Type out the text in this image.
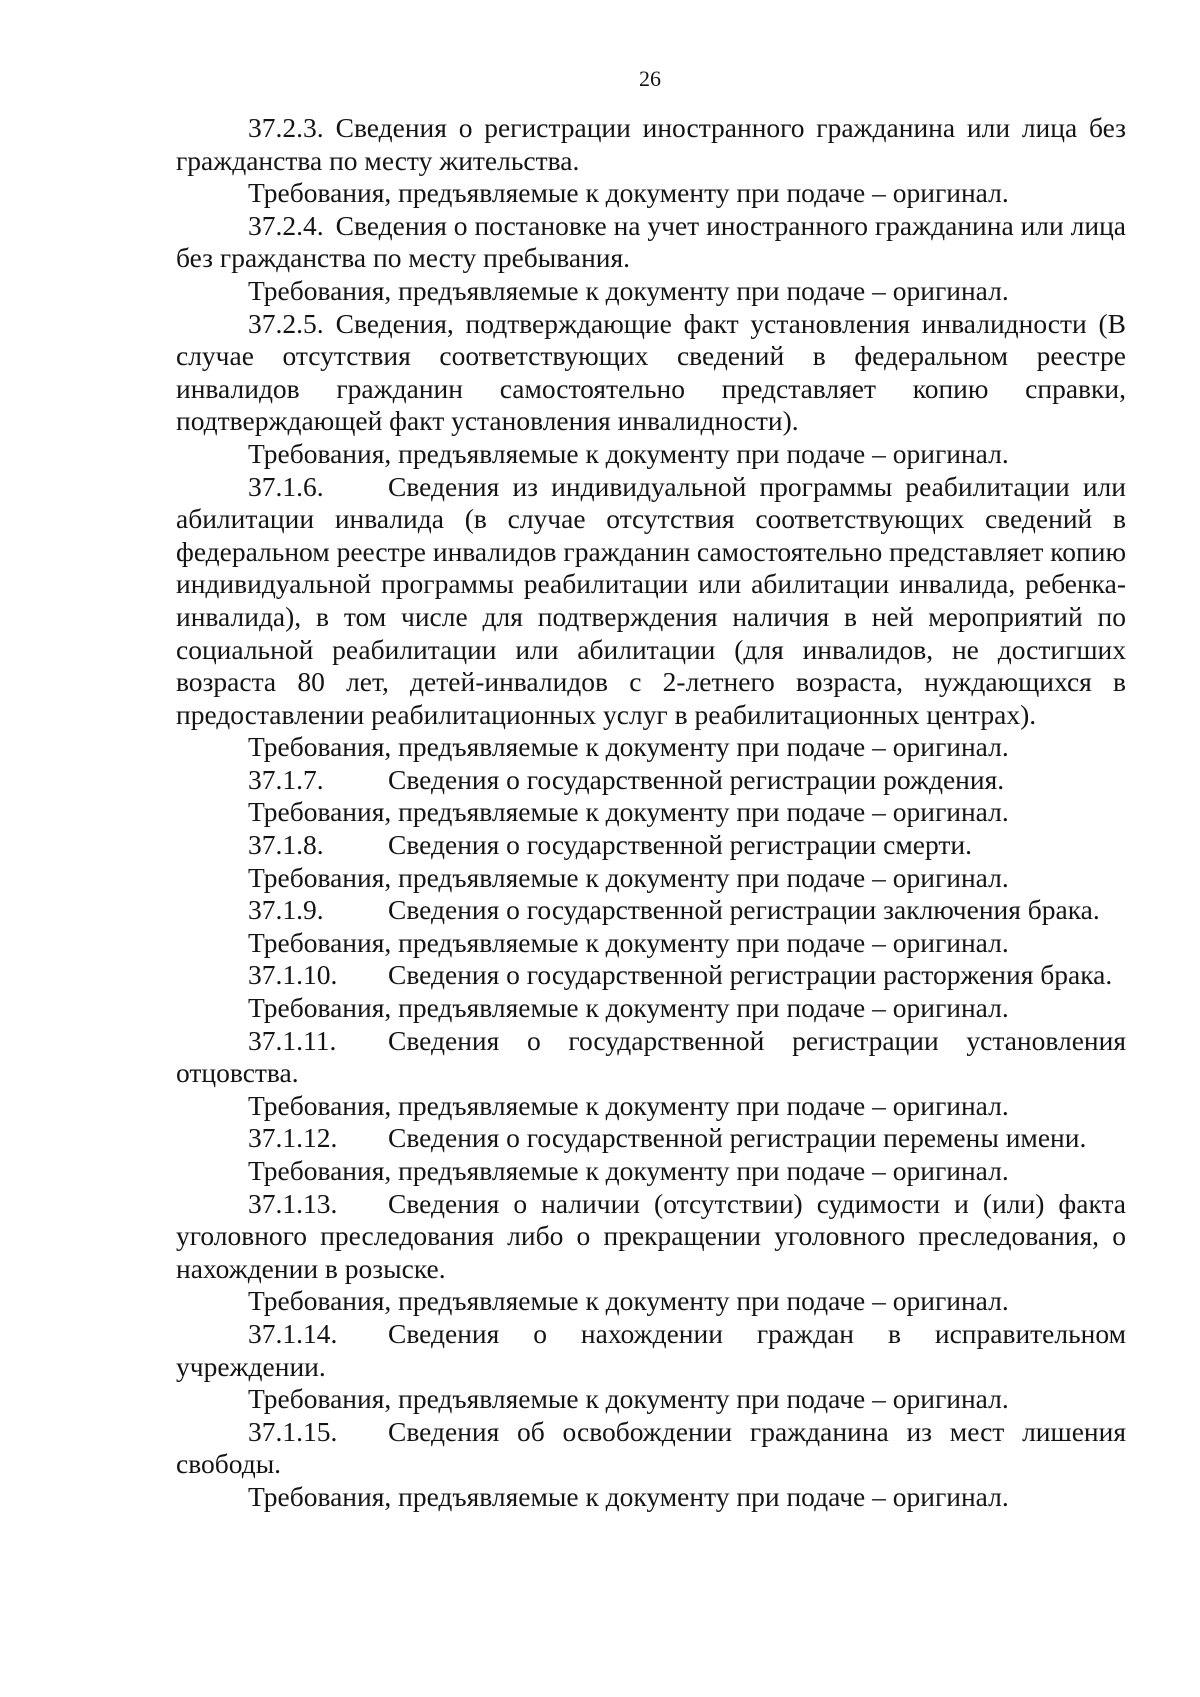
26

37.2.3. Сведения о регистрации иностранного гражданина или лица без гражданства по месту жительства.

Требования, предъявляемые к документу при подаче – оригинал.

37.2.4. Сведения о постановке на учет иностранного гражданина или лица без гражданства по месту пребывания.

Требования, предъявляемые к документу при подаче – оригинал.

37.2.5. Сведения, подтверждающие факт установления инвалидности (В случае отсутствия соответствующих сведений в федеральном реестре инвалидов гражданин самостоятельно представляет копию справки, подтверждающей факт установления инвалидности).

Требования, предъявляемые к документу при подаче – оригинал.

37.1.6. Сведения из индивидуальной программы реабилитации или абилитации инвалида (в случае отсутствия соответствующих сведений в федеральном реестре инвалидов гражданин самостоятельно представляет копию индивидуальной программы реабилитации или абилитации инвалида, ребенка-инвалида), в том числе для подтверждения наличия в ней мероприятий по социальной реабилитации или абилитации (для инвалидов, не достигших возраста 80 лет, детей-инвалидов с 2-летнего возраста, нуждающихся в предоставлении реабилитационных услуг в реабилитационных центрах).

Требования, предъявляемые к документу при подаче – оригинал.

37.1.7. Сведения о государственной регистрации рождения.

Требования, предъявляемые к документу при подаче – оригинал.

37.1.8. Сведения о государственной регистрации смерти.

Требования, предъявляемые к документу при подаче – оригинал.

37.1.9. Сведения о государственной регистрации заключения брака.

Требования, предъявляемые к документу при подаче – оригинал.

37.1.10. Сведения о государственной регистрации расторжения брака.

Требования, предъявляемые к документу при подаче – оригинал.

37.1.11. Сведения о государственной регистрации установления отцовства.

Требования, предъявляемые к документу при подаче – оригинал.

37.1.12. Сведения о государственной регистрации перемены имени.

Требования, предъявляемые к документу при подаче – оригинал.

37.1.13. Сведения о наличии (отсутствии) судимости и (или) факта уголовного преследования либо о прекращении уголовного преследования, о нахождении в розыске.

Требования, предъявляемые к документу при подаче – оригинал.

37.1.14. Сведения о нахождении граждан в исправительном учреждении.

Требования, предъявляемые к документу при подаче – оригинал.

37.1.15. Сведения об освобождении гражданина из мест лишения свободы.

Требования, предъявляемые к документу при подаче – оригинал.
